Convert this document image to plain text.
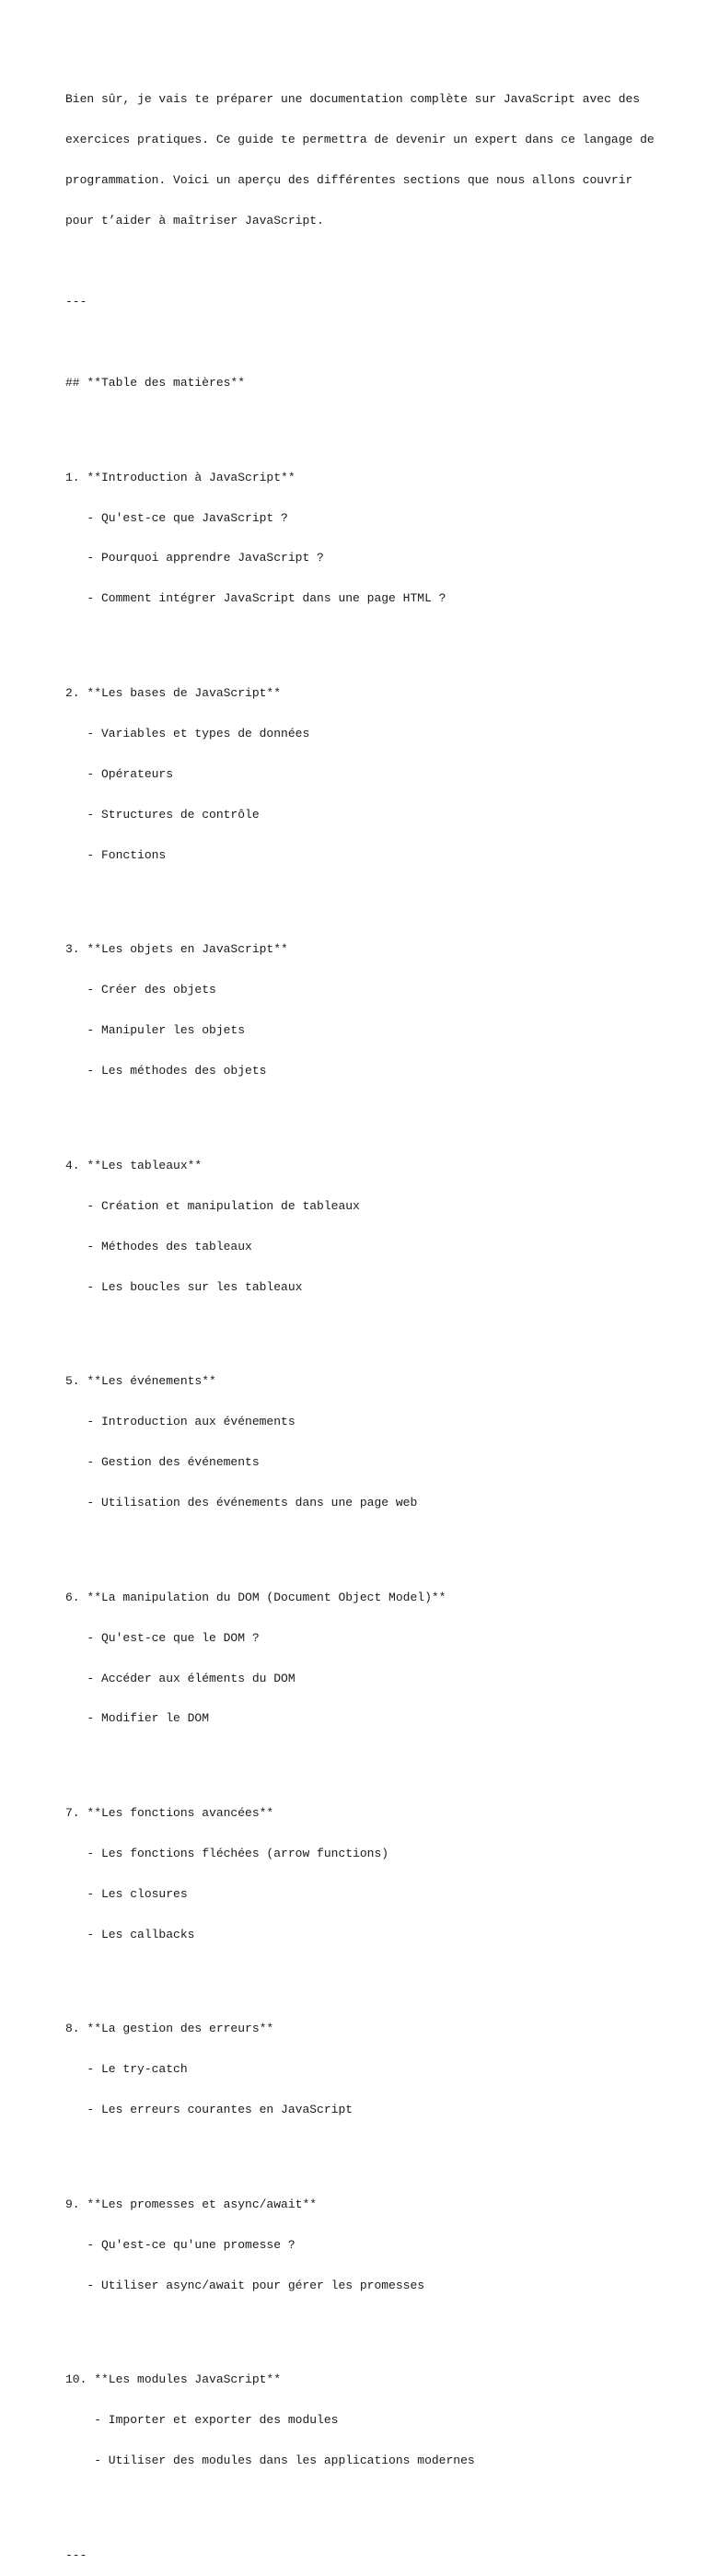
Bien sûr, je vais te préparer une documentation complète sur JavaScript avec des

exercices pratiques. Ce guide te permettra de devenir un expert dans ce langage de

programmation. Voici un aperçu des différentes sections que nous allons couvrir

pour t’aider à maîtriser JavaScript.

---

## **Table des matières**

1. **Introduction à JavaScript**

- Qu'est-ce que JavaScript ?

- Pourquoi apprendre JavaScript ?

- Comment intégrer JavaScript dans une page HTML ?

2. **Les bases de JavaScript**

- Variables et types de données

- Opérateurs

- Structures de contrôle

- Fonctions

3. **Les objets en JavaScript**

- Créer des objets

- Manipuler les objets

- Les méthodes des objets

4. **Les tableaux**

- Création et manipulation de tableaux

- Méthodes des tableaux

- Les boucles sur les tableaux

5. **Les événements**

- Introduction aux événements

- Gestion des événements

- Utilisation des événements dans une page web

6. **La manipulation du DOM (Document Object Model)**

- Qu'est-ce que le DOM ?

- Accéder aux éléments du DOM

- Modifier le DOM

7. **Les fonctions avancées**

- Les fonctions fléchées (arrow functions)

- Les closures

- Les callbacks

8. **La gestion des erreurs**

- Le try-catch

- Les erreurs courantes en JavaScript

9. **Les promesses et async/await**

- Qu'est-ce qu'une promesse ?

- Utiliser async/await pour gérer les promesses

10. **Les modules JavaScript**

- Importer et exporter des modules

- Utiliser des modules dans les applications modernes

---
